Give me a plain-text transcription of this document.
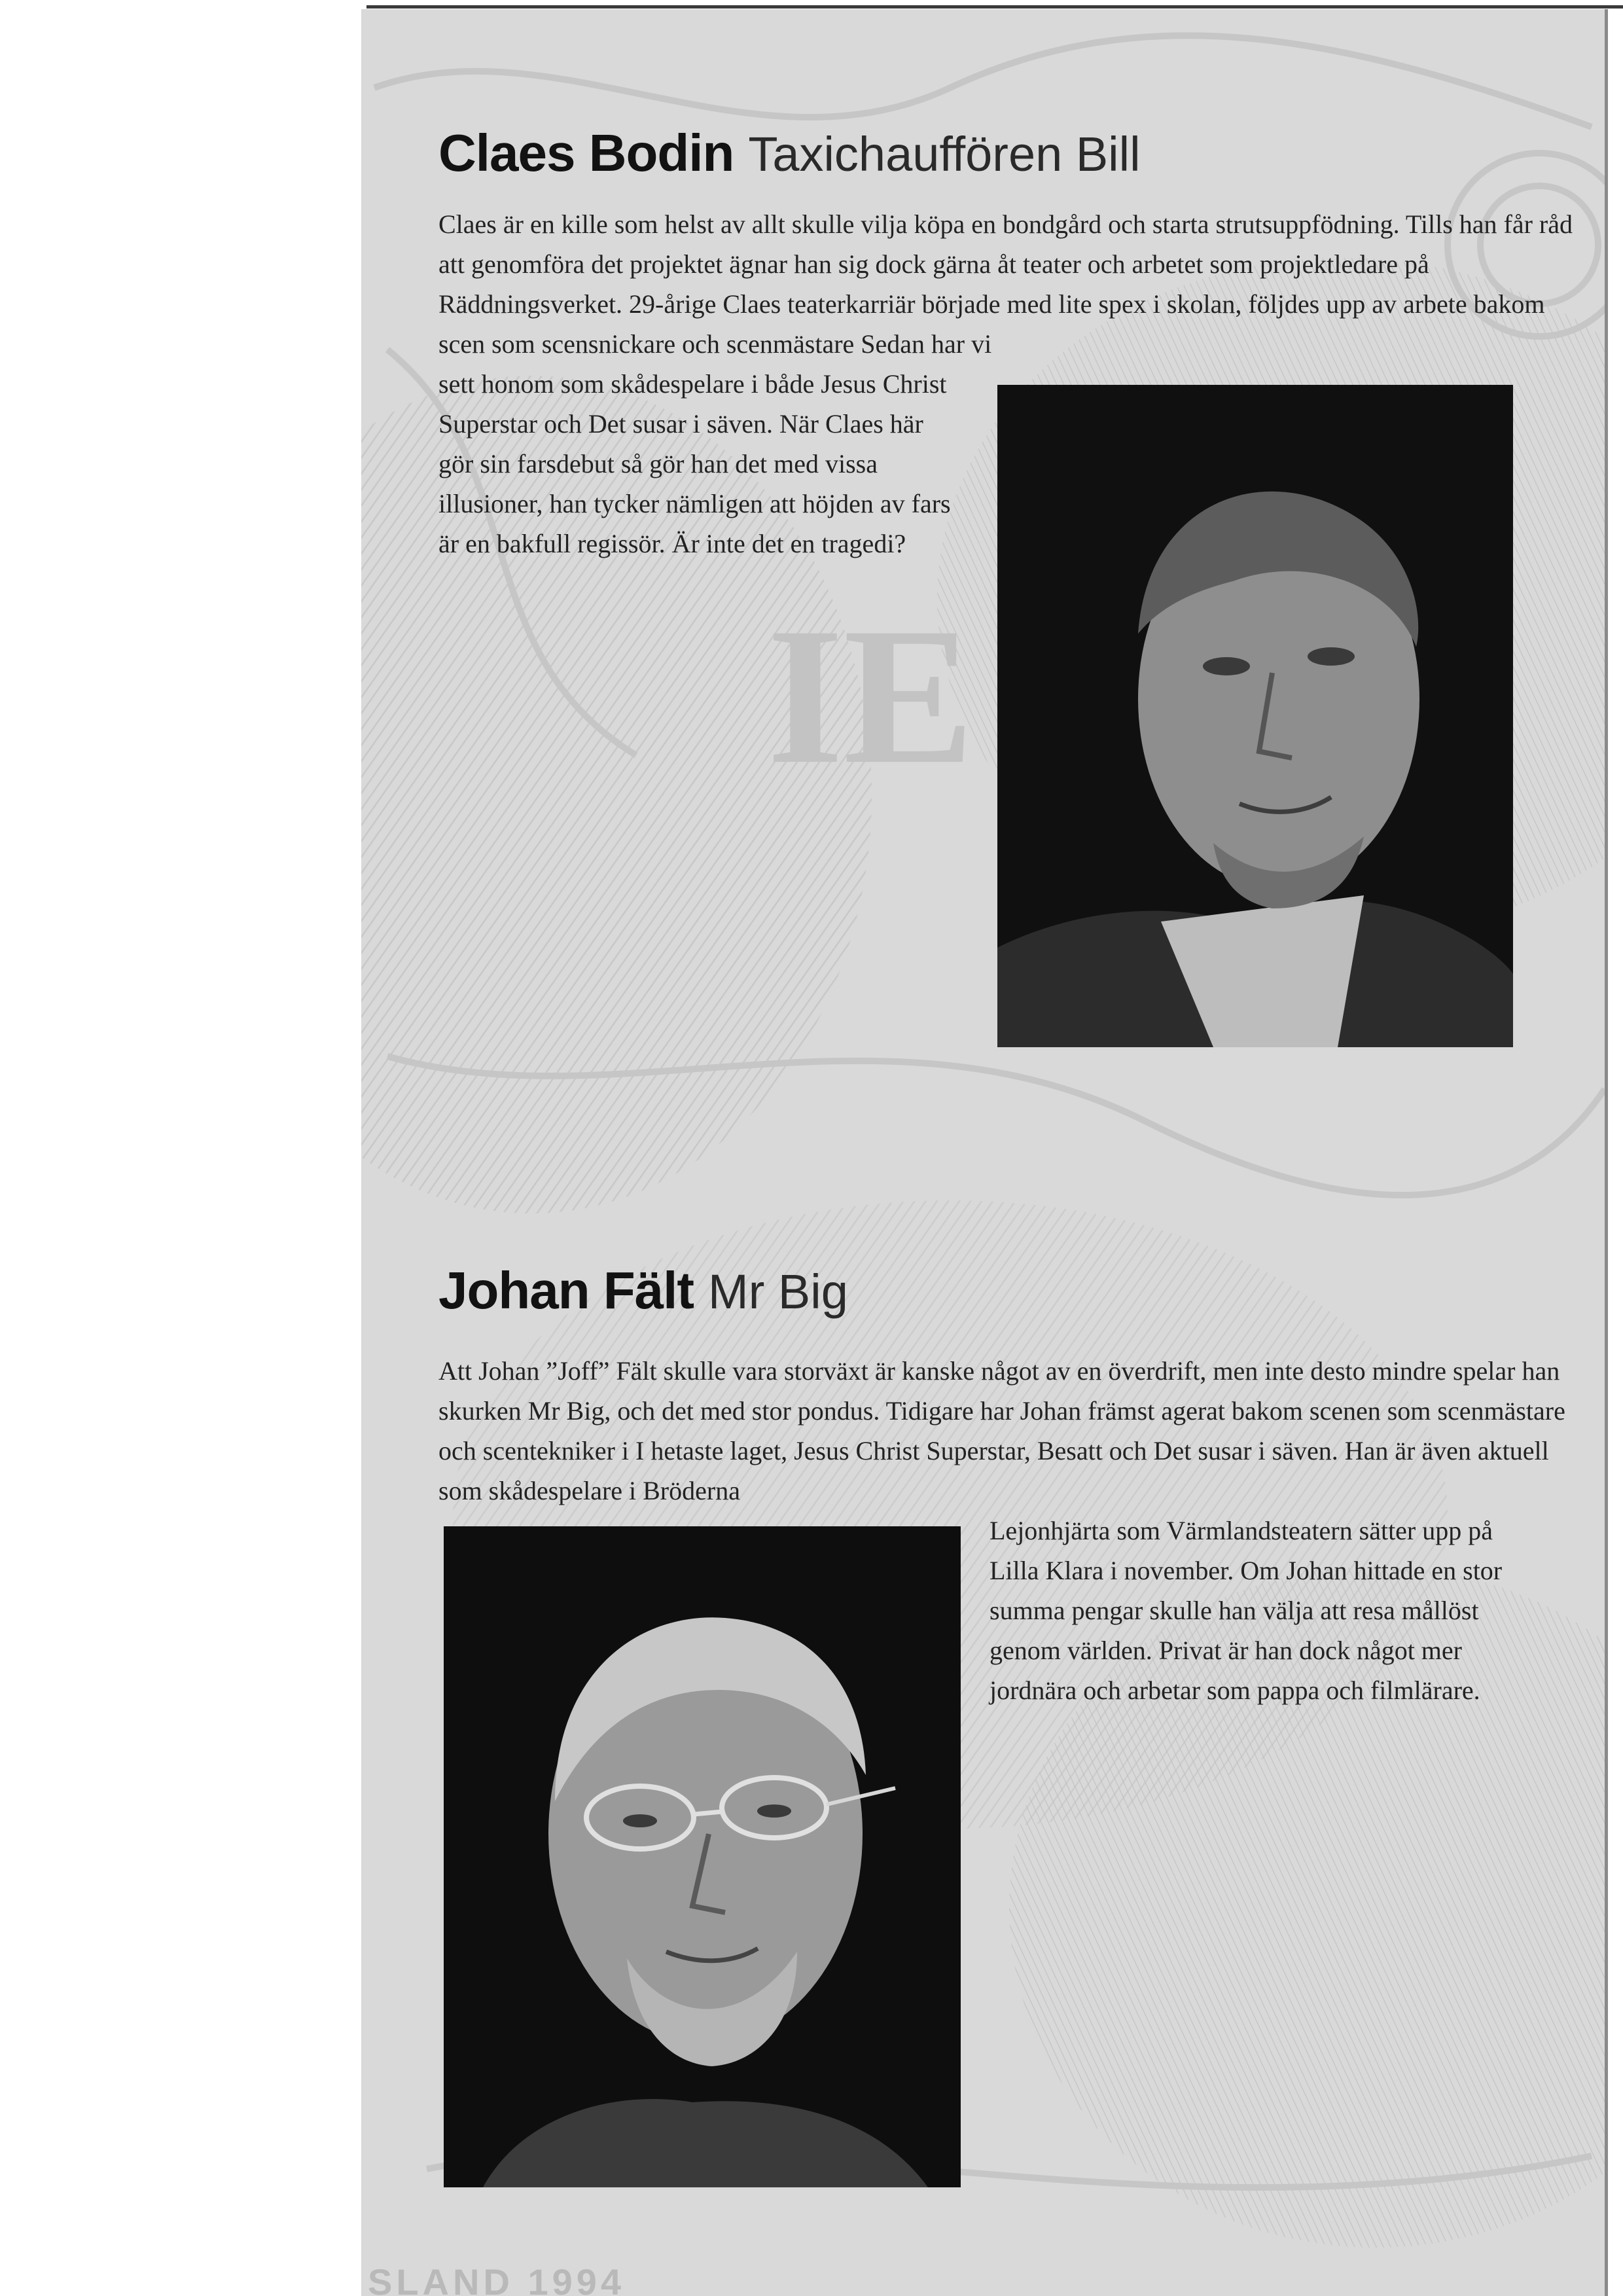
IE
Claes Bodin Taxichauffören Bill
Claes är en kille som helst av allt skulle vilja köpa en bondgård och starta strutsuppfödning. Tills han får råd att genomföra det projektet ägnar han sig dock gärna åt teater och arbetet som projektledare på Räddningsverket. 29-årige Claes teaterkarriär började med lite spex i skolan, följdes upp av arbete bakom scen som scensnickare och scenmästare Sedan har vi
sett honom som skådespelare i både Jesus Christ Superstar och Det susar i säven. När Claes här gör sin farsdebut så gör han det med vissa illusioner, han tycker nämligen att höjden av fars är en bakfull regissör. Är inte det en tragedi?
Johan Fält Mr Big
Att Johan ”Joff” Fält skulle vara storväxt är kanske något av en överdrift, men inte desto mindre spelar han skurken Mr Big, och det med stor pondus. Tidigare har Johan främst agerat bakom scenen som scenmästare och scentekniker i I hetaste laget, Jesus Christ Superstar, Besatt och Det susar i säven. Han är även aktuell som skådespelare i Bröderna
Lejonhjärta som Värmlandsteatern sätter upp på Lilla Klara i november. Om Johan hittade en stor summa pengar skulle han välja att resa mållöst genom världen. Privat är han dock något mer jordnära och arbetar som pappa och filmlärare.
SLAND 1994
